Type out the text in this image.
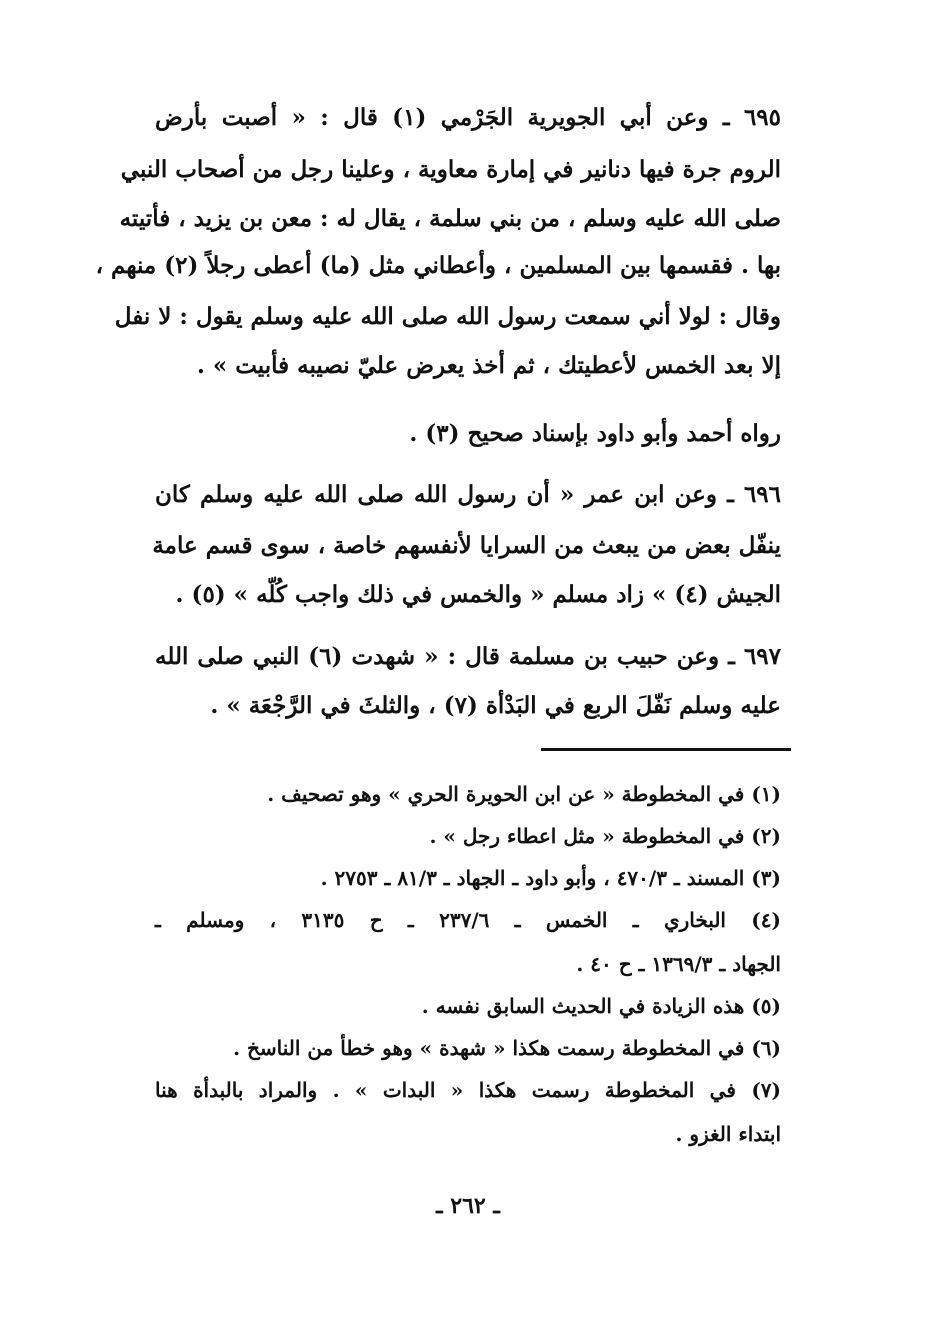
٦٩٥ ـ وعن أبي الجويرية الجَرْمي (١) قال : « أصبت بأرض
الروم جرة فيها دنانير في إمارة معاوية ، وعلينا رجل من أصحاب النبي
صلى الله عليه وسلم ، من بني سلمة ، يقال له : معن بن يزيد ، فأتيته
بها . فقسمها بين المسلمين ، وأعطاني مثل (ما) أعطى رجلاً (٢) منهم ،
وقال : لولا أني سمعت رسول الله صلى الله عليه وسلم يقول : لا نفل
إلا بعد الخمس لأعطيتك ، ثم أخذ يعرض عليّ نصيبه فأبيت » .
رواه أحمد وأبو داود بإسناد صحيح (٣) .
٦٩٦ ـ وعن ابن عمر « أن رسول الله صلى الله عليه وسلم كان
ينفّل بعض من يبعث من السرايا لأنفسهم خاصة ، سوى قسم عامة
الجيش (٤) » زاد مسلم « والخمس في ذلك واجب كُلّه » (٥) .
٦٩٧ ـ وعن حبيب بن مسلمة قال : « شهدت (٦) النبي صلى الله
عليه وسلم نَفّلَ الربع في البَدْأة (٧) ، والثلثَ في الرَّجْعَة » .
(١) في المخطوطة « عن ابن الحويرة الحري » وهو تصحيف .
(٢) في المخطوطة « مثل اعطاء رجل » .
(٣) المسند ـ ٤٧٠/٣ ، وأبو داود ـ الجهاد ـ ٨١/٣ ـ ٢٧٥٣ .
(٤) البخاري ـ الخمس ـ ٢٣٧/٦ ـ ح ٣١٣٥ ، ومسلم ـ
الجهاد ـ ١٣٦٩/٣ ـ ح ٤٠ .
(٥) هذه الزيادة في الحديث السابق نفسه .
(٦) في المخطوطة رسمت هكذا « شهدة » وهو خطأ من الناسخ .
(٧) في المخطوطة رسمت هكذا « البدات » . والمراد بالبدأة هنا
ابتداء الغزو .
ـ ٢٦٢ ـ
